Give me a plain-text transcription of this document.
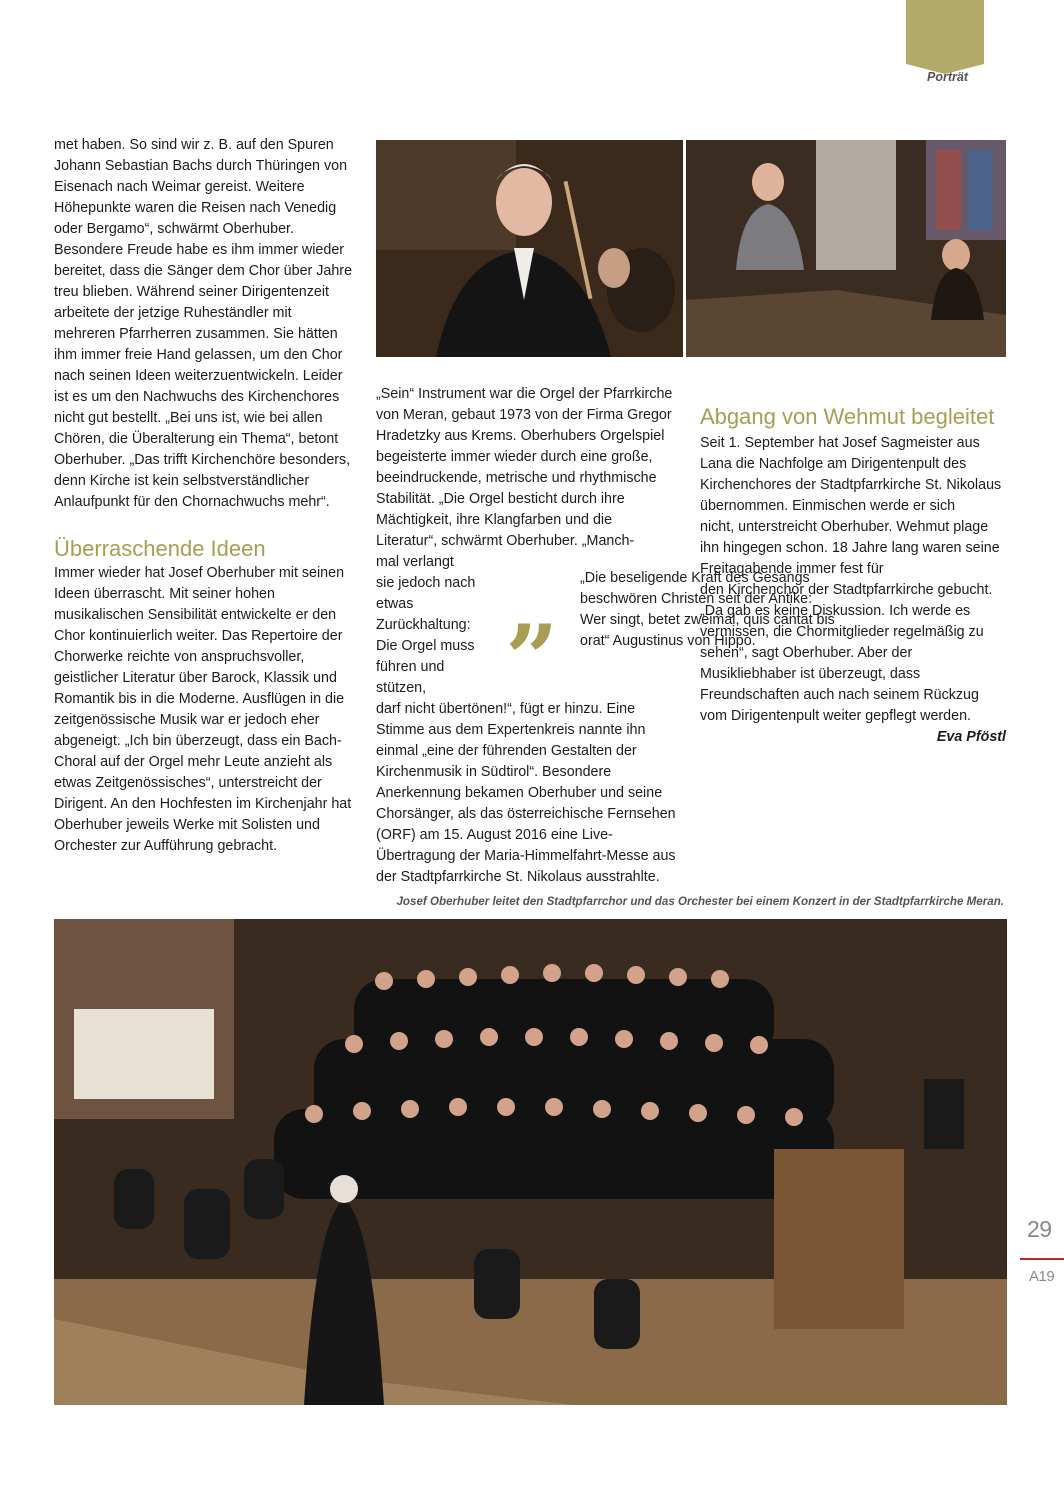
Porträt

met haben. So sind wir z. B. auf den Spuren Johann Sebastian Bachs durch Thüringen von Eisenach nach Weimar gereist. Weitere Höhepunkte waren die Reisen nach Venedig oder Bergamo“, schwärmt Oberhuber. Besondere Freude habe es ihm immer wieder bereitet, dass die Sänger dem Chor über Jahre treu blieben. Während seiner Dirigentenzeit arbeitete der jetzige Ruheständler mit mehreren Pfarrherren zusammen. Sie hätten ihm immer freie Hand gelassen, um den Chor nach seinen Ideen weiterzuentwickeln. Leider ist es um den Nachwuchs des Kirchenchores nicht gut bestellt. „Bei uns ist, wie bei allen Chören, die Überalterung ein Thema“, betont Oberhuber. „Das trifft Kirchenchöre besonders, denn Kirche ist kein selbstverständlicher Anlaufpunkt für den Chornachwuchs mehr“.

Überraschende Ideen

Immer wieder hat Josef Oberhuber mit seinen Ideen überrascht. Mit seiner hohen musikalischen Sensibilität entwickelte er den Chor kontinuierlich weiter. Das Repertoire der Chorwerke reichte von anspruchsvoller, geistlicher Literatur über Barock, Klassik und Romantik bis in die Moderne. Ausflügen in die zeitgenössische Musik war er jedoch eher abgeneigt. „Ich bin überzeugt, dass ein Bach-Choral auf der Orgel mehr Leute anzieht als etwas Zeitgenössisches“, unterstreicht der Dirigent. An den Hochfesten im Kirchenjahr hat Oberhuber jeweils Werke mit Solisten und Orchester zur Aufführung gebracht.

„Sein“ Instrument war die Orgel der Pfarrkirche von Meran, gebaut 1973 von der Firma Gregor Hradetzky aus Krems. Oberhubers Orgelspiel begeisterte immer wieder durch eine große, beeindruckende, metrische und rhythmische Stabilität. „Die Orgel besticht durch ihre Mächtigkeit, ihre Klangfarben und die Literatur“, schwärmt Oberhuber. „Manch-

mal verlangt sie jedoch nach etwas Zurückhaltung: Die Orgel muss führen und stützen,

darf nicht übertönen!“, fügt er hinzu. Eine Stimme aus dem Expertenkreis nannte ihn einmal „eine der führenden Gestalten der Kirchenmusik in Südtirol“. Besondere Anerkennung bekamen Oberhuber und seine Chorsänger, als das österreichische Fernsehen (ORF) am 15. August 2016 eine Live-Übertragung der Maria-Himmelfahrt-Messe aus der Stadtpfarrkirche St. Nikolaus ausstrahlte.

„ „Die beseligende Kraft des Gesangs beschwören Christen seit der Antike: Wer singt, betet zweimal, quis cantat bis orat“ Augustinus von Hippo.
Abgang von Wehmut begleitet

Seit 1. September hat Josef Sagmeister aus Lana die Nachfolge am Dirigentenpult des Kirchenchores der Stadtpfarrkirche St. Nikolaus übernommen. Einmischen werde er sich

nicht, unterstreicht Oberhuber. Wehmut plage ihn hingegen schon. 18 Jahre lang waren seine Freitagabende immer fest für

den Kirchenchor der Stadtpfarrkirche gebucht. „Da gab es keine Diskussion. Ich werde es vermissen, die Chormitglieder regelmäßig zu sehen“, sagt Oberhuber. Aber der Musikliebhaber ist überzeugt, dass Freundschaften auch nach seinem Rückzug vom Dirigentenpult weiter gepflegt werden.

Eva Pföstl

Josef Oberhuber leitet den Stadtpfarrchor und das Orchester bei einem Konzert in der Stadtpfarrkirche Meran.
29
A19
